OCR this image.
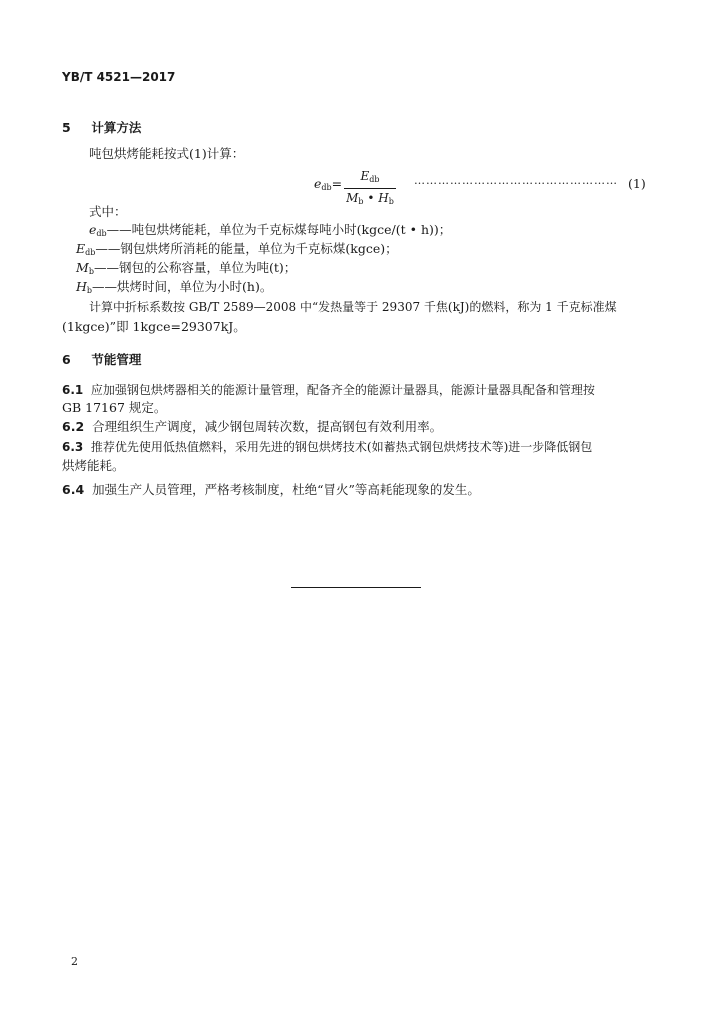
YB/T 4521—2017
5 计算方法
吨包烘烤能耗按式(1)计算：
$e_{db}=$	$E_{db}$
$M_b$ • $H_b$
…………………………………………… (1)
式中：
$e_{db}——$吨包烘烤能耗，单位为千克标煤每吨小时(kgce/(t • h))；
$E_{db}——$钢包烘烤所消耗的能量，单位为千克标煤(kgce)；
$M_b——$钢包的公称容量，单位为吨(t)；
$H_b——$烘烤时间，单位为小时(h)。
计算中折标系数按 GB/T 2589—2008 中“发热量等于 29307 千焦(kJ)的燃料，称为 1 千克标准煤
(1kgce)”即 1kgce=29307kJ。
6 节能管理
6.1 应加强钢包烘烤器相关的能源计量管理，配备齐全的能源计量器具，能源计量器具配备和管理按
GB 17167 规定。
6.2 合理组织生产调度，减少钢包周转次数，提高钢包有效利用率。
6.3 推荐优先使用低热值燃料，采用先进的钢包烘烤技术(如蓄热式钢包烘烤技术等)进一步降低钢包
烘烤能耗。
6.4 加强生产人员管理，严格考核制度，杜绝“冒火”等高耗能现象的发生。
2
